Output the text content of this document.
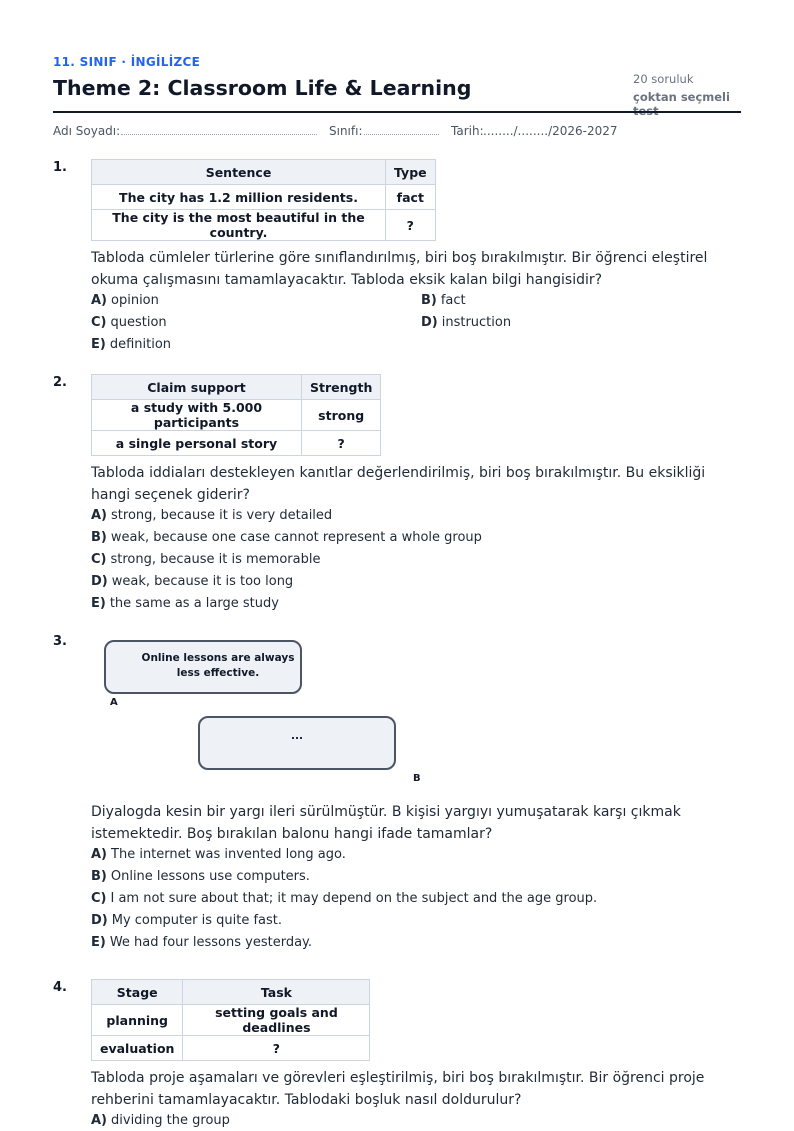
11. SINIF · İNGİLİZCE
Theme 2: Classroom Life & Learning	20 soruluk
çoktan seçmeli
Adı Soyadı:	Sınıfı:	Tarih: ......../......../2026-2027
1.	Sentence	Type
The city has 1.2 million residents.	fact
The city is the most beautiful in the country.	?

Tabloda cümleler türlerine göre sınıflandırılmış, biri boş bırakılmıştır. Bir öğrenci eleştirel okuma çalışmasını tamamlayacaktır. Tabloda eksik kalan bilgi hangisidir?

A) opinion	B) fact
C) question	D) instruction
E) definition
2.	Claim support	Strength
a study with 5.000 participants	strong
a single personal story	?

Tabloda iddiaları destekleyen kanıtlar değerlendirilmiş, biri boş bırakılmıştır. Bu eksikliği hangi seçenek giderir?

A) strong, because it is very detailed
B) weak, because one case cannot represent a whole group
C) strong, because it is memorable
D) weak, because it is too long
E) the same as a large study
3.
Online lessons are always less effective.
A
...
B

Diyalogda kesin bir yargı ileri sürülmüştür. B kişisi yargıyı yumuşatarak karşı çıkmak istemektedir. Boş bırakılan balonu hangi ifade tamamlar?

A) The internet was invented long ago.
B) Online lessons use computers.
C) I am not sure about that; it may depend on the subject and the age group.
D) My computer is quite fast.
E) We had four lessons yesterday.
4.	Stage	Task
planning	setting goals and deadlines
evaluation	?

Tabloda proje aşamaları ve görevleri eşleştirilmiş, biri boş bırakılmıştır. Bir öğrenci proje rehberini tamamlayacaktır. Tablodaki boşluk nasıl doldurulur?

A) dividing the group
